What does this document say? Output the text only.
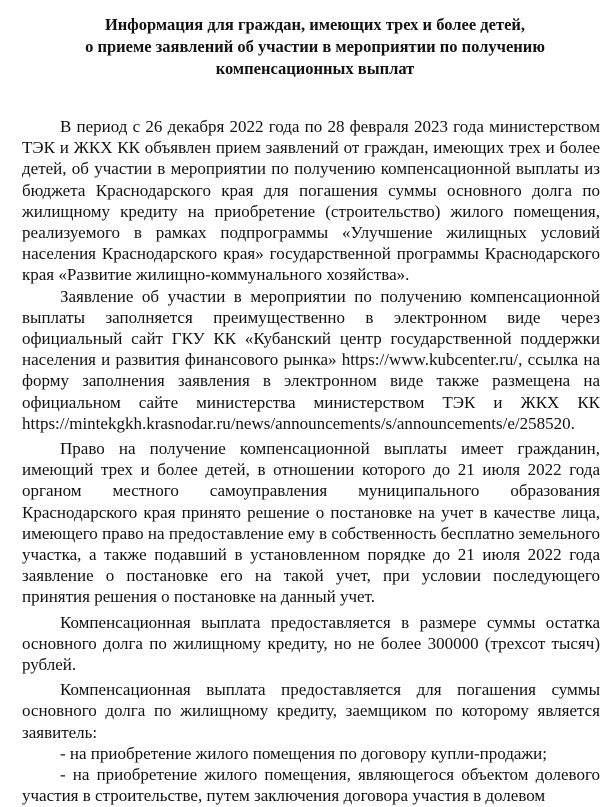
Информация для граждан, имеющих трех и более детей,
о приеме заявлений об участии в мероприятии по получению
компенсационных выплат

В период с 26 декабря 2022 года по 28 февраля 2023 года министерством ТЭК и ЖКХ КК объявлен прием заявлений от граждан, имеющих трех и более детей, об участии в мероприятии по получению компенсационной выплаты из бюджета Краснодарского края для погашения суммы основного долга по жилищному кредиту на приобретение (строительство) жилого помещения, реализуемого в рамках подпрограммы «Улучшение жилищных условий населения Краснодарского края» государственной программы Краснодарского края «Развитие жилищно-коммунального хозяйства».

Заявление об участии в мероприятии по получению компенсационной выплаты заполняется преимущественно в электронном виде через официальный сайт ГКУ КК «Кубанский центр государственной поддержки населения и развития финансового рынка» https://www.kubcenter.ru/, ссылка на форму заполнения заявления в электронном виде также размещена на официальном сайте министерства министерством ТЭК и ЖКХ КК https://mintekgkh.krasnodar.ru/news/announcements/s/announcements/e/258520.

Право на получение компенсационной выплаты имеет гражданин, имеющий трех и более детей, в отношении которого до 21 июля 2022 года органом местного самоуправления муниципального образования Краснодарского края принято решение о постановке на учет в качестве лица, имеющего право на предоставление ему в собственность бесплатно земельного участка, а также подавший в установленном порядке до 21 июля 2022 года заявление о постановке его на такой учет, при условии последующего принятия решения о постановке на данный учет.

Компенсационная выплата предоставляется в размере суммы остатка основного долга по жилищному кредиту, но не более 300000 (трехсот тысяч) рублей.

Компенсационная выплата предоставляется для погашения суммы основного долга по жилищному кредиту, заемщиком по которому является заявитель:

- на приобретение жилого помещения по договору купли-продажи;

- на приобретение жилого помещения, являющегося объектом долевого участия в строительстве, путем заключения договора участия в долевом
